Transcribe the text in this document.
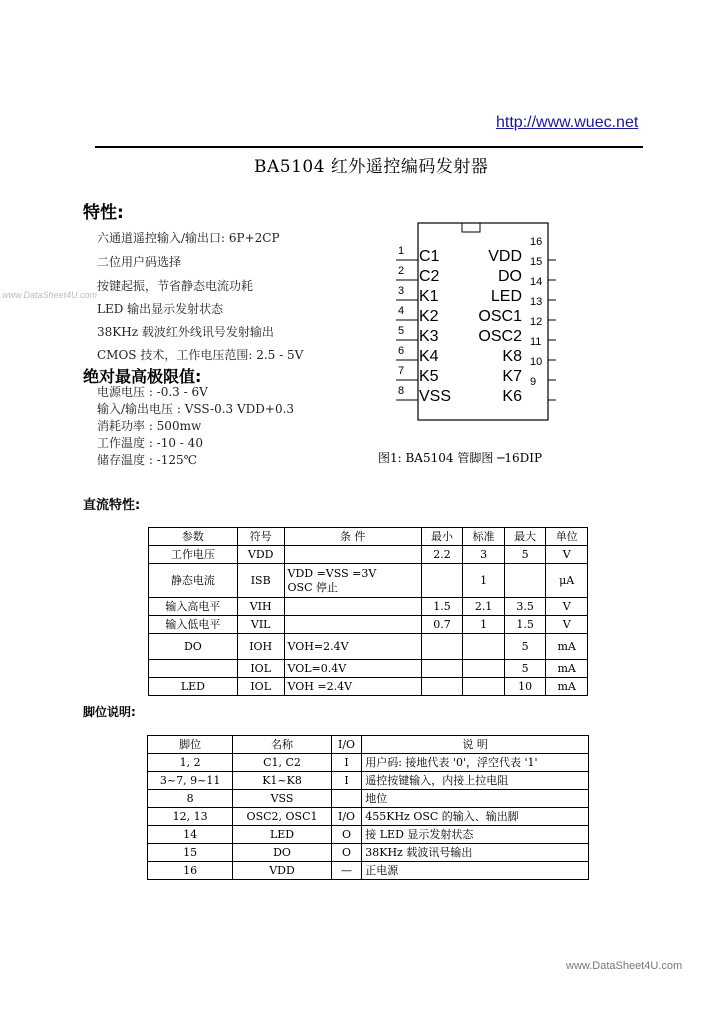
http://www.wuec.net
BA5104 红外遥控编码发射器
www.DataSheet4U.com
特性:
六通道遥控输入/输出口: 6P+2CP
二位用户码选择
按键起振，节省静态电流功耗
LED 输出显示发射状态
38KHz 载波红外线讯号发射输出
CMOS 技术，工作电压范围: 2.5 - 5V
绝对最高极限值:
电源电压 : -0.3 - 6V
输入/输出电压 : VSS-0.3 VDD+0.3
消耗功率 : 500mw
工作温度 : -10 - 40
储存温度 : -125℃
1 C1
2 C2
3 K1
4 K2
5 K3
6 K4
7 K5
8 VSS
16
VDD 15
DO 14
LED 13
OSC1 12
OSC2 11
K8 10
K7 9
K6
图1: BA5104 管脚图 ─16DIP
直流特性:
参数	符号	条 件	最小	标准	最大	单位
工作电压	VDD		2.2	3	5	V
静态电流	ISB	VDD =VSS =3V
OSC 停止		1		μA
输入高电平	VIH		1.5	2.1	3.5	V
输入低电平	VIL		0.7	1	1.5	V
DO	IOH	VOH=2.4V			5	mA
	IOL	VOL=0.4V			5	mA
LED	IOL	VOH =2.4V			10	mA
脚位说明:
脚位	名称	I/O	说 明
1, 2	C1, C2	I	用户码: 接地代表 '0'，浮空代表 '1'
3~7, 9~11	K1~K8	I	遥控按键输入，内接上拉电阻
8	VSS		地位
12, 13	OSC2, OSC1	I/O	455KHz OSC 的输入、输出脚
14	LED	O	接 LED 显示发射状态
15	DO	O	38KHz 载波讯号输出
16	VDD	—	正电源
www.DataSheet4U.com
